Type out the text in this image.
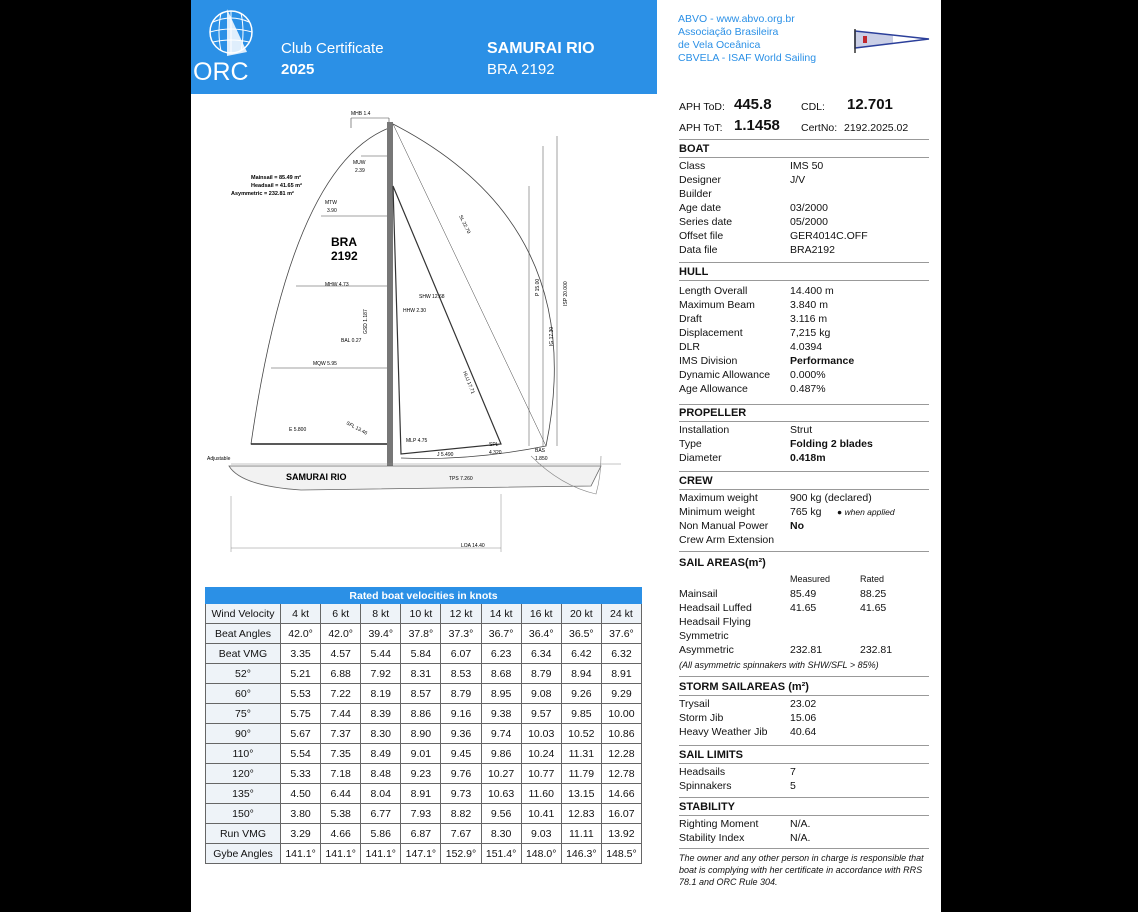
ORC
Club Certificate
2025
SAMURAI RIO
BRA 2192
ABVO - www.abvo.org.br
Associação Brasileira
de Vela Oceânica
CBVELA - ISAF World Sailing
APH ToD: 445.8	CDL: 12.701
APH ToT: 1.1458 CertNo: 2192.2025.02
BOAT
Class	IMS 50
Designer	J/V
Builder
Age date	03/2000
Series date	05/2000
Offset file	GER4014C.OFF
Data file	BRA2192
HULL
Length Overall	14.400 m
Maximum Beam	3.840 m
Draft	3.116 m
Displacement	7,215 kg
DLR	4.0394
IMS Division	Performance
Dynamic Allowance 0.000%
Age Allowance	0.487%
PROPELLER
Installation	Strut
Type	Folding 2 blades
Diameter	0.418m
CREW
Maximum weight	900 kg (declared)
Minimum weight	765 kg
Non Manual Power No
Crew Arm Extension
● when applied
SAIL AREAS(m²)
Measured	Rated
Mainsail	85.49	88.25
Headsail Luffed	41.65	41.65
Headsail Flying
Symmetric
Asymmetric	232.81	232.81
(All asymmetric spinnakers with SHW/SFL > 85%)
STORM SAILAREAS (m²)
Trysail	23.02
Storm Jib	15.06
Heavy Weather Jib 40.64
SAIL LIMITS
Headsails	7
Spinnakers	5
STABILITY
Righting Moment	N/A.
Stability Index	N/A.
The owner and any other person in charge is responsible that boat is complying with her certificate in accordance with RRS 78.1 and ORC Rule 304.
Mainsail = 85.49 m²
Headsail = 41.65 m²
Asymmetric = 232.81 m²
BRA
2192
SAMURAI RIO
MHB 1.4
MUW
2.39
MTW
3.90
MHW 4.73
MQW 5.95
E 5.800	SFL 13.46
SL 22.70
P 15.00	ISP 20.000
IG 17.30
HLU 17.71
SHW 12.68
HHW 2.30
BAL 0.27
GSD 1.187
TPS 7.260
J 5.490
MLP 4.75
SPL
4.320	BAS
1.850
LOA 14.40
Adjustable
Rated boat velocities in knots									
Wind Velocity	4 kt	6 kt	8 kt	10 kt	12 kt	14 kt	16 kt	20 kt	24 kt
Beat Angles	42.0°	42.0°	39.4°	37.8°	37.3°	36.7°	36.4°	36.5°	37.6°
Beat VMG	3.35	4.57	5.44	5.84	6.07	6.23	6.34	6.42	6.32
52°	5.21	6.88	7.92	8.31	8.53	8.68	8.79	8.94	8.91
60°	5.53	7.22	8.19	8.57	8.79	8.95	9.08	9.26	9.29
75°	5.75	7.44	8.39	8.86	9.16	9.38	9.57	9.85	10.00
90°	5.67	7.37	8.30	8.90	9.36	9.74	10.03	10.52	10.86
110°	5.54	7.35	8.49	9.01	9.45	9.86	10.24	11.31	12.28
120°	5.33	7.18	8.48	9.23	9.76	10.27	10.77	11.79	12.78
135°	4.50	6.44	8.04	8.91	9.73	10.63	11.60	13.15	14.66
150°	3.80	5.38	6.77	7.93	8.82	9.56	10.41	12.83	16.07
Run VMG	3.29	4.66	5.86	6.87	7.67	8.30	9.03	11.11	13.92
Gybe Angles	141.1°	141.1°	141.1°	147.1°	152.9°	151.4°	148.0°	146.3°	148.5°
